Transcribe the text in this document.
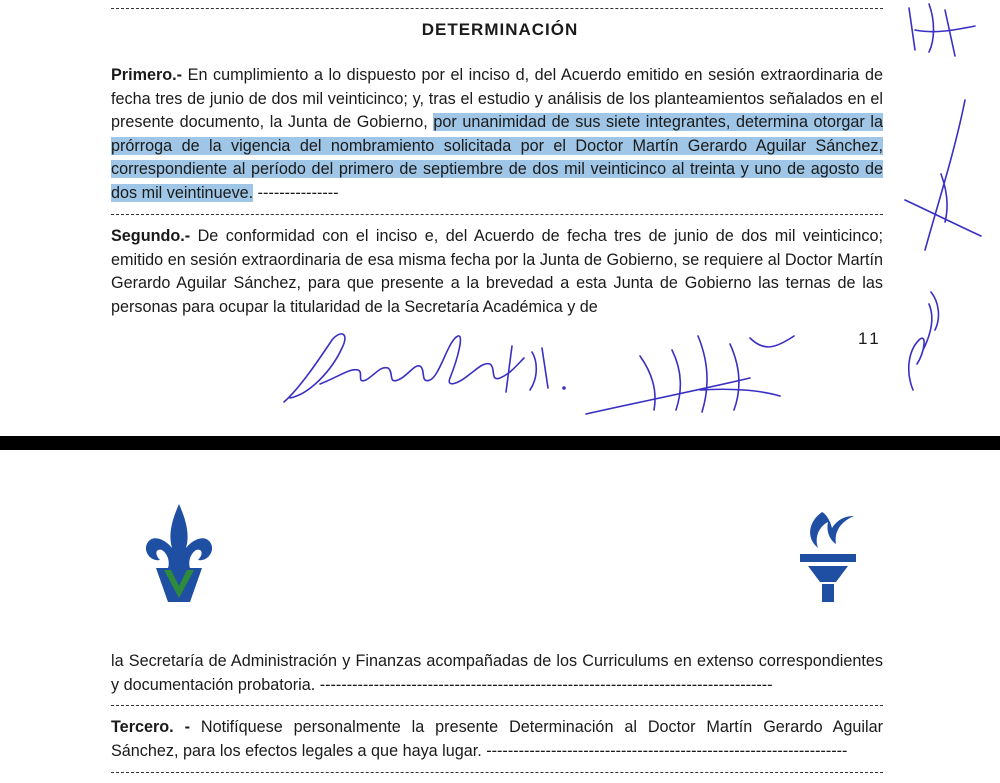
DETERMINACIÓN

Primero.- En cumplimiento a lo dispuesto por el inciso d, del Acuerdo emitido en sesión extraordinaria de fecha tres de junio de dos mil veinticinco; y, tras el estudio y análisis de los planteamientos señalados en el presente documento, la Junta de Gobierno, por unanimidad de sus siete integrantes, determina otorgar la prórroga de la vigencia del nombramiento solicitada por el Doctor Martín Gerardo Aguilar Sánchez, correspondiente al período del primero de septiembre de dos mil veinticinco al treinta y uno de agosto de dos mil veintinueve. ---------------

Segundo.- De conformidad con el inciso e, del Acuerdo de fecha tres de junio de dos mil veinticinco; emitido en sesión extraordinaria de esa misma fecha por la Junta de Gobierno, se requiere al Doctor Martín Gerardo Aguilar Sánchez, para que presente a la brevedad a esta Junta de Gobierno las ternas de las personas para ocupar la titularidad de la Secretaría Académica y de

11

la Secretaría de Administración y Finanzas acompañadas de los Curriculums en extenso correspondientes y documentación probatoria. ------------------------------------------------------------------------------------

Tercero. - Notifíquese personalmente la presente Determinación al Doctor Martín Gerardo Aguilar Sánchez, para los efectos legales a que haya lugar. -------------------------------------------------------------------
